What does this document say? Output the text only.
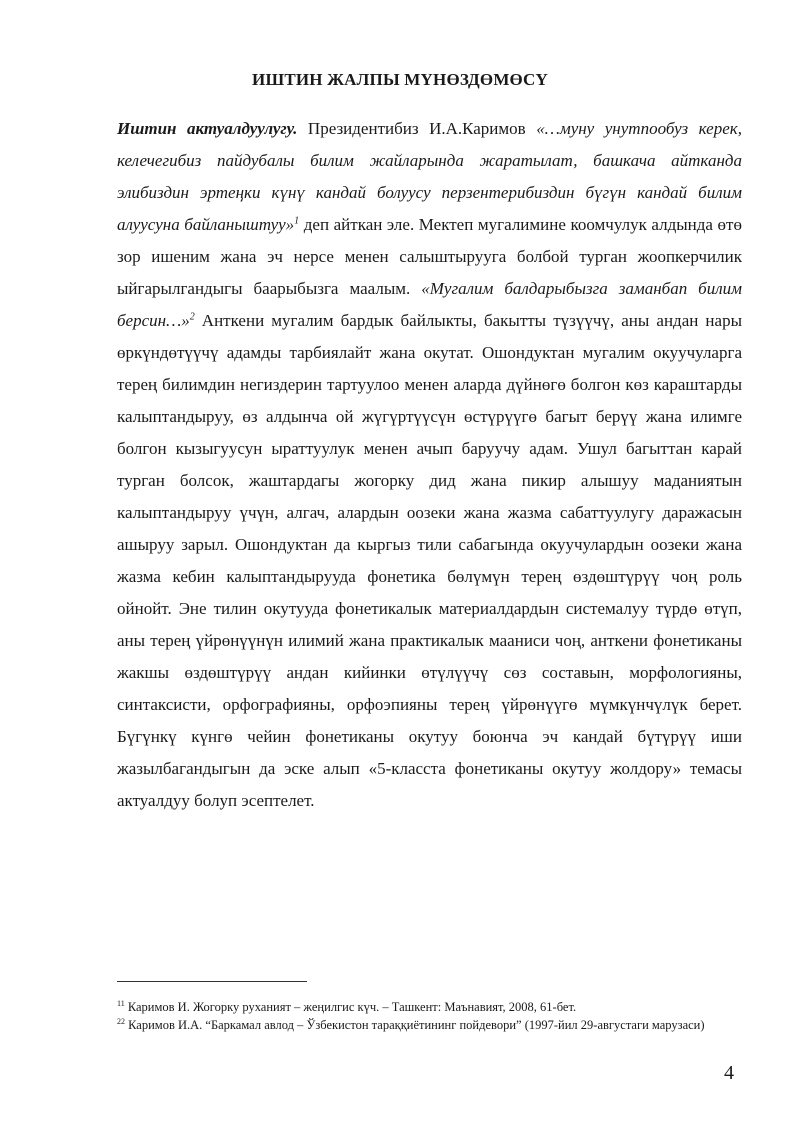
ИШТИН ЖАЛПЫ МҮНӨЗДӨМӨСҮ

Иштин актуалдуулугу. Президентибиз И.А.Каримов «…муну унутпообуз керек, келечегибиз пайдубалы билим жайларында жаратылат, башкача айтканда элибиздин эртеңки күнү кандай болуусу перзентерибиздин бүгүн кандай билим алуусуна байланыштуу»$^1$ деп айткан эле. Мектеп мугалимине коомчулук алдында өтө зор ишеним жана эч нерсе менен салыштырууга болбой турган жоопкерчилик ыйгарылгандыгы баарыбызга маалым. «Мугалим балдарыбызга заманбап билим берсин…»$^2$ Анткени мугалим бардык байлыкты, бакытты түзүүчү, аны андан нары өркүндөтүүчү адамды тарбиялайт жана окутат. Ошондуктан мугалим окуучуларга терең билимдин негиздерин тартуулоо менен аларда дүйнөгө болгон көз караштарды калыптандыруу, өз алдынча ой жүгүртүүсүн өстүрүүгө багыт берүү жана илимге болгон кызыгуусун ыраттуулук менен ачып баруучу адам. Ушул багыттан карай турган болсок, жаштардагы жогорку дид жана пикир алышуу маданиятын калыптандыруу үчүн, алгач, алардын оозеки жана жазма сабаттуулугу даражасын ашыруу зарыл. Ошондуктан да кыргыз тили сабагында окуучулардын оозеки жана жазма кебин калыптандырууда фонетика бөлүмүн терең өздөштүрүү чоң роль ойнойт. Эне тилин окутууда фонетикалык материалдардын системалуу түрдө өтүп, аны терең үйрөнүүнүн илимий жана практикалык мааниси чоң, анткени фонетиканы жакшы өздөштүрүү андан кийинки өтүлүүчү сөз составын, морфологияны, синтаксисти, орфографияны, орфоэпияны терең үйрөнүүгө мүмкүнчүлүк берет. Бүгүнкү күнгө чейин фонетиканы окутуу боюнча эч кандай бүтүрүү иши жазылбагандыгын да эске алып «5-класста фонетиканы окутуу жолдору» темасы актуалдуу болуп эсептелет.

$^{11}$ Каримов И. Жогорку руханият – жеңилгис күч. – Ташкент: Маънавият, 2008, 61-бет.

$^{22}$ Каримов И.А. “Баркамал авлод – Ўзбекистон тараққиётининг пойдевори” (1997-йил 29-августаги марузаси)

4
